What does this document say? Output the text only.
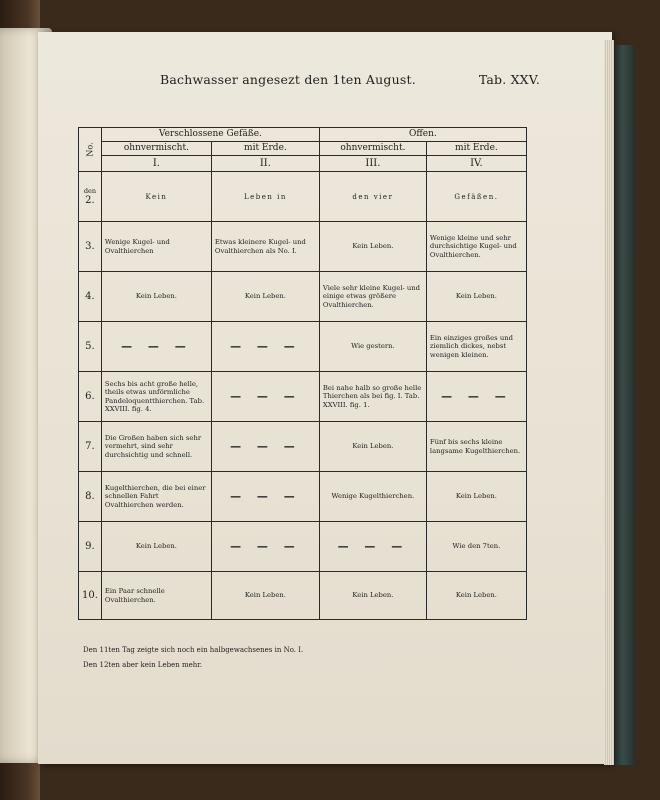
Bachwasser angesezt den 1ten August.	Tab. XXV.
No.	Verschlossene Gefäße.		Offen.	
	ohnvermischt.	mit Erde.	ohnvermischt.	mit Erde.
	I.	II.	III.	IV.

den
2.	Kein	Leben in	den vier	Gefäßen.
3.	Wenige Kugel- und Ovalthierchen	Etwas kleinere Kugel- und Ovalthierchen als No. I.	Kein Leben.	Wenige kleine und sehr durchsichtige Kugel- und Ovalthierchen.
4.	Kein Leben.	Kein Leben.	Viele sehr kleine Kugel- und einige etwas größere Ovalthierchen.	Kein Leben.
5.	— — —	— — —	Wie gestern.	Ein einziges großes und ziemlich dickes, nebst wenigen kleinen.
6.	Sechs bis acht große helle, theils etwas unförmliche Pandeloquentthierchen. Tab. XXVIII. fig. 4.	— — —	Bei nahe halb so große helle Thierchen als bei fig. I. Tab. XXVIII. fig. 1.	— — —
7.	Die Großen haben sich sehr vermehrt, sind sehr durchsichtig und schnell.	— — —	Kein Leben.	Fünf bis sechs kleine langsame Kugelthierchen.
8.	Kugelthierchen, die bei einer schnellen Fahrt Ovalthierchen werden.	— — —	Wenige Kugelthierchen.	Kein Leben.
9.	Kein Leben.	— — —	— — —	Wie den 7ten.
10.	Ein Paar schnelle Ovalthierchen.	Kein Leben.	Kein Leben.	Kein Leben.
Den 11ten Tag zeigte sich noch ein halbgewachsenes in No. I.
Den 12ten aber kein Leben mehr.
